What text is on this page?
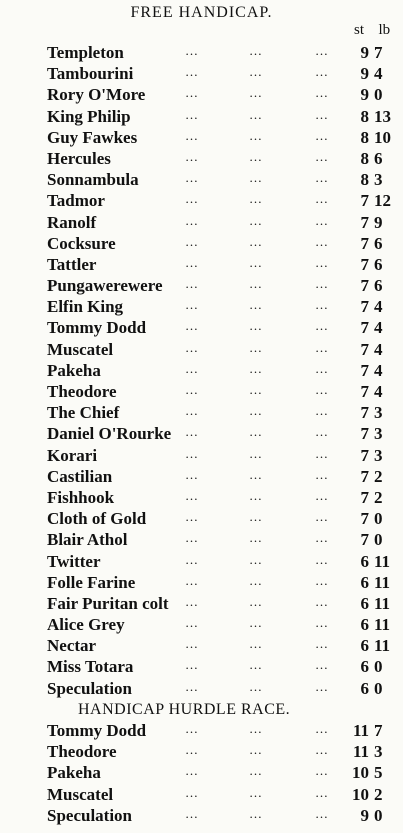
FREE HANDICAP.
st lb
Templeton	…	…	…	9 7
Tambourini	…	…	…	9 4
Rory O'More	…	…	…	9 0
King Philip	…	…	…	8 13
Guy Fawkes	…	…	…	8 10
Hercules	…	…	…	8 6
Sonnambula	…	…	…	8 3
Tadmor	…	…	…	7 12
Ranolf	…	…	…	7 9
Cocksure	…	…	…	7 6
Tattler	…	…	…	7 6
Pungawerewere …	…	…	7 6
Elfin King	…	…	…	7 4
Tommy Dodd	…	…	…	7 4
Muscatel	…	…	…	7 4
Pakeha	…	…	…	7 4
Theodore	…	…	…	7 4
The Chief	…	…	…	7 3
Daniel O'Rourke …	…	…	7 3
Korari	…	…	…	7 3
Castilian	…	…	…	7 2
Fishhook	…	…	…	7 2
Cloth of Gold	…	…	…	7 0
Blair Athol	…	…	…	7 0
Twitter	…	…	…	6 11
Folle Farine	…	…	…	6 11
Fair Puritan colt …	…	…	6 11
Alice Grey	…	…	…	6 11
Nectar	…	…	…	6 11
Miss Totara	…	…	…	6 0
Speculation	…	…	…	6 0
HANDICAP HURDLE RACE.
Tommy Dodd	…	…	…	11 7
Theodore	…	…	…	11 3
Pakeha	…	…	…	10 5
Muscatel	…	…	…	10 2
Speculation	…	…	…	9 0
